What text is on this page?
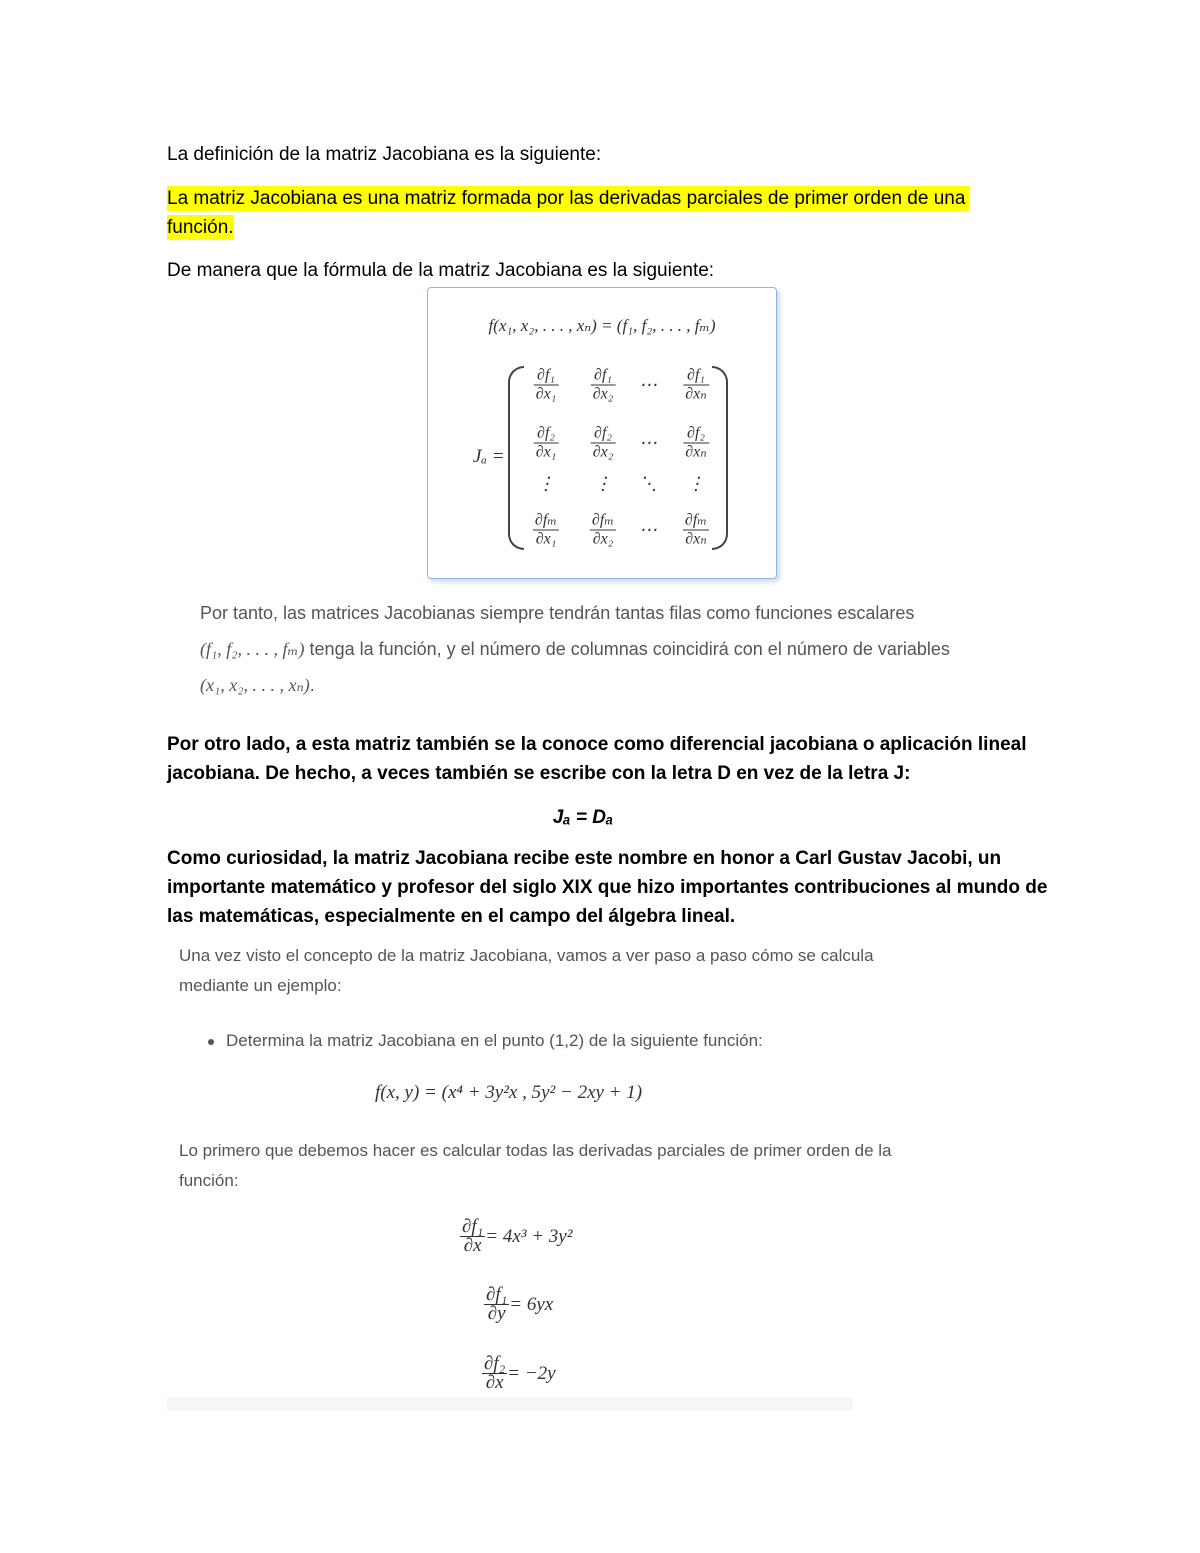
La definición de la matriz Jacobiana es la siguiente:
La matriz Jacobiana es una matriz formada por las derivadas parciales de primer orden de una
función.
De manera que la fórmula de la matriz Jacobiana es la siguiente:
f(x₁, x₂, . . . , xₙ) = (f₁, f₂, . . . , fₘ)
Jₐ =
$\frac{\text{∂f₁}}{\text{∂x₁}} \frac{\text{∂f₁}}{\text{∂x₂}}$ ⋯ $\frac{\text{∂f₁}}{\text{∂xₙ}}$
$\frac{\text{∂f₂}}{\text{∂x₁}} \frac{\text{∂f₂}}{\text{∂x₂}}$ ⋯ $\frac{\text{∂f₂}}{\text{∂xₙ}}$
⋮ ⋮ ⋱ ⋮
$\frac{\text{∂fₘ}}{\text{∂x₁}} \frac{\text{∂fₘ}}{\text{∂x₂}}$ ⋯ $\frac{\text{∂fₘ}}{\text{∂xₙ}}$
Por tanto, las matrices Jacobianas siempre tendrán tantas filas como funciones escalares
(f₁, f₂, . . . , fₘ) tenga la función, y el número de columnas coincidirá con el número de variables
(x₁, x₂, . . . , xₙ).
Por otro lado, a esta matriz también se la conoce como diferencial jacobiana o aplicación lineal
jacobiana. De hecho, a veces también se escribe con la letra D en vez de la letra J:
Jₐ = Dₐ
Como curiosidad, la matriz Jacobiana recibe este nombre en honor a Carl Gustav Jacobi, un
importante matemático y profesor del siglo XIX que hizo importantes contribuciones al mundo de
las matemáticas, especialmente en el campo del álgebra lineal.
Una vez visto el concepto de la matriz Jacobiana, vamos a ver paso a paso cómo se calcula
mediante un ejemplo:
Determina la matriz Jacobiana en el punto (1,2) de la siguiente función:
f(x, y) = (x⁴ + 3y²x , 5y² − 2xy + 1)
Lo primero que debemos hacer es calcular todas las derivadas parciales de primer orden de la
función:
$\frac{\text{∂f₁}}{\partial x} = 4x^3 + 3y^2$
$\frac{\text{∂f₁}}{\partial y} = 6yx$
$\frac{\text{∂f₂}}{\partial x} = -2y$
